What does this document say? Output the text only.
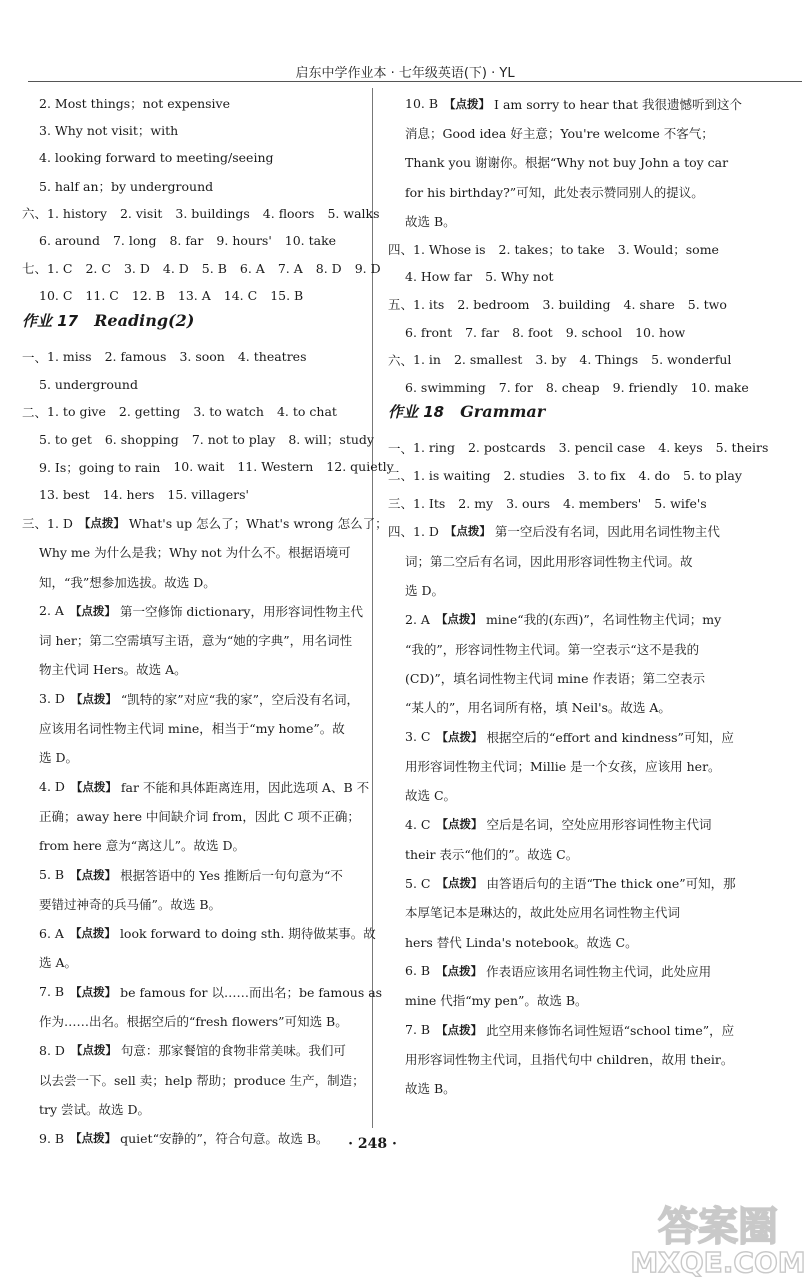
启东中学作业本 · 七年级英语(下) · YL
2. Most things；not expensive
3. Why not visit；with
4. looking forward to meeting/seeing
5. half an；by underground
六、 1. history 2. visit 3. buildings 4. floors 5. walks
6. around 7. long 8. far 9. hours' 10. take
七、 1. C 2. C 3. D 4. D 5. B 6. A 7. A 8. D 9. D
10. C 11. C 12. B 13. A 14. C 15. B
作业 17 Reading(2)
一、 1. miss 2. famous 3. soon 4. theatres
5. underground
二、 1. to give 2. getting 3. to watch 4. to chat
5. to get 6. shopping 7. not to play 8. will；study
9. Is；going to rain 10. wait 11. Western 12. quietly
13. best 14. hers 15. villagers'
三、1. D 【点拨】 What's up 怎么了；What's wrong 怎么了；
Why me 为什么是我；Why not 为什么不。根据语境可
知，“我”想参加选拔。故选 D。
2. A 【点拨】 第一空修饰 dictionary，用形容词性物主代
词 her；第二空需填写主语，意为“她的字典”，用名词性
物主代词 Hers。故选 A。
3. D 【点拨】 “凯特的家”对应“我的家”，空后没有名词，
应该用名词性物主代词 mine，相当于“my home”。故
选 D。
4. D 【点拨】 far 不能和具体距离连用，因此选项 A、B 不
正确；away here 中间缺介词 from，因此 C 项不正确；
from here 意为“离这儿”。故选 D。
5. B 【点拨】 根据答语中的 Yes 推断后一句句意为“不
要错过神奇的兵马俑”。故选 B。
6. A 【点拨】 look forward to doing sth. 期待做某事。故
选 A。
7. B 【点拨】 be famous for 以……而出名；be famous as
作为……出名。根据空后的“fresh flowers”可知选 B。
8. D 【点拨】 句意：那家餐馆的食物非常美味。我们可
以去尝一下。sell 卖；help 帮助；produce 生产，制造；
try 尝试。故选 D。
9. B 【点拨】 quiet“安静的”，符合句意。故选 B。
10. B 【点拨】 I am sorry to hear that 我很遗憾听到这个
消息；Good idea 好主意；You're welcome 不客气；
Thank you 谢谢你。根据“Why not buy John a toy car
for his birthday?”可知，此处表示赞同别人的提议。
故选 B。
四、 1. Whose is 2. takes；to take 3. Would；some
4. How far 5. Why not
五、 1. its 2. bedroom 3. building 4. share 5. two
6. front 7. far 8. foot 9. school 10. how
六、 1. in 2. smallest 3. by 4. Things 5. wonderful
6. swimming 7. for 8. cheap 9. friendly 10. make
作业 18 Grammar
一、 1. ring 2. postcards 3. pencil case 4. keys 5. theirs
二、 1. is waiting 2. studies 3. to fix 4. do 5. to play
三、 1. Its 2. my 3. ours 4. members' 5. wife's
四、1. D 【点拨】 第一空后没有名词，因此用名词性物主代
词；第二空后有名词，因此用形容词性物主代词。故
选 D。
2. A 【点拨】 mine“我的(东西)”，名词性物主代词；my
“我的”，形容词性物主代词。第一空表示“这不是我的
(CD)”，填名词性物主代词 mine 作表语；第二空表示
“某人的”，用名词所有格，填 Neil's。故选 A。
3. C 【点拨】 根据空后的“effort and kindness”可知，应
用形容词性物主代词；Millie 是一个女孩，应该用 her。
故选 C。
4. C 【点拨】 空后是名词，空处应用形容词性物主代词
their 表示“他们的”。故选 C。
5. C 【点拨】 由答语后句的主语“The thick one”可知，那
本厚笔记本是琳达的，故此处应用名词性物主代词
hers 替代 Linda's notebook。故选 C。
6. B 【点拨】 作表语应该用名词性物主代词，此处应用
mine 代指“my pen”。故选 B。
7. B 【点拨】 此空用来修饰名词性短语“school time”，应
用形容词性物主代词，且指代句中 children，故用 their。
故选 B。
· 248 ·
答案圈
MXQE.COM
